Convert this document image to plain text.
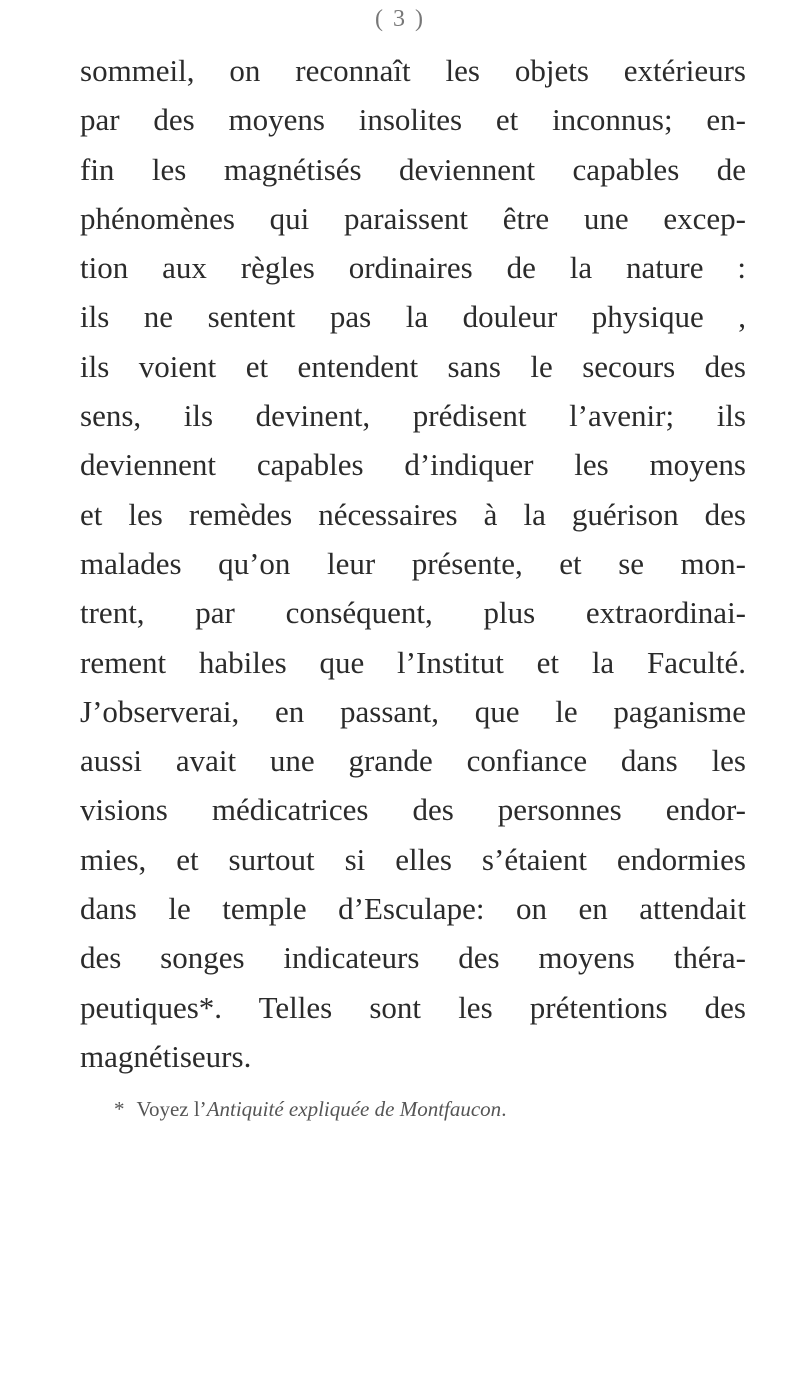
( 3 )
sommeil, on reconnaît les objets extérieurs
par des moyens insolites et inconnus; en-
fin les magnétisés deviennent capables de
phénomènes qui paraissent être une excep-
tion aux règles ordinaires de la nature :
ils ne sentent pas la douleur physique ,
ils voient et entendent sans le secours des
sens, ils devinent, prédisent l’avenir; ils
deviennent capables d’indiquer les moyens
et les remèdes nécessaires à la guérison des
malades qu’on leur présente, et se mon-
trent, par conséquent, plus extraordinai-
rement habiles que l’Institut et la Faculté.
J’observerai, en passant, que le paganisme
aussi avait une grande confiance dans les
visions médicatrices des personnes endor-
mies, et surtout si elles s’étaient endormies
dans le temple d’Esculape: on en attendait
des songes indicateurs des moyens théra-
peutiques*. Telles sont les prétentions des
magnétiseurs.
* Voyez l’Antiquité expliquée de Montfaucon.
